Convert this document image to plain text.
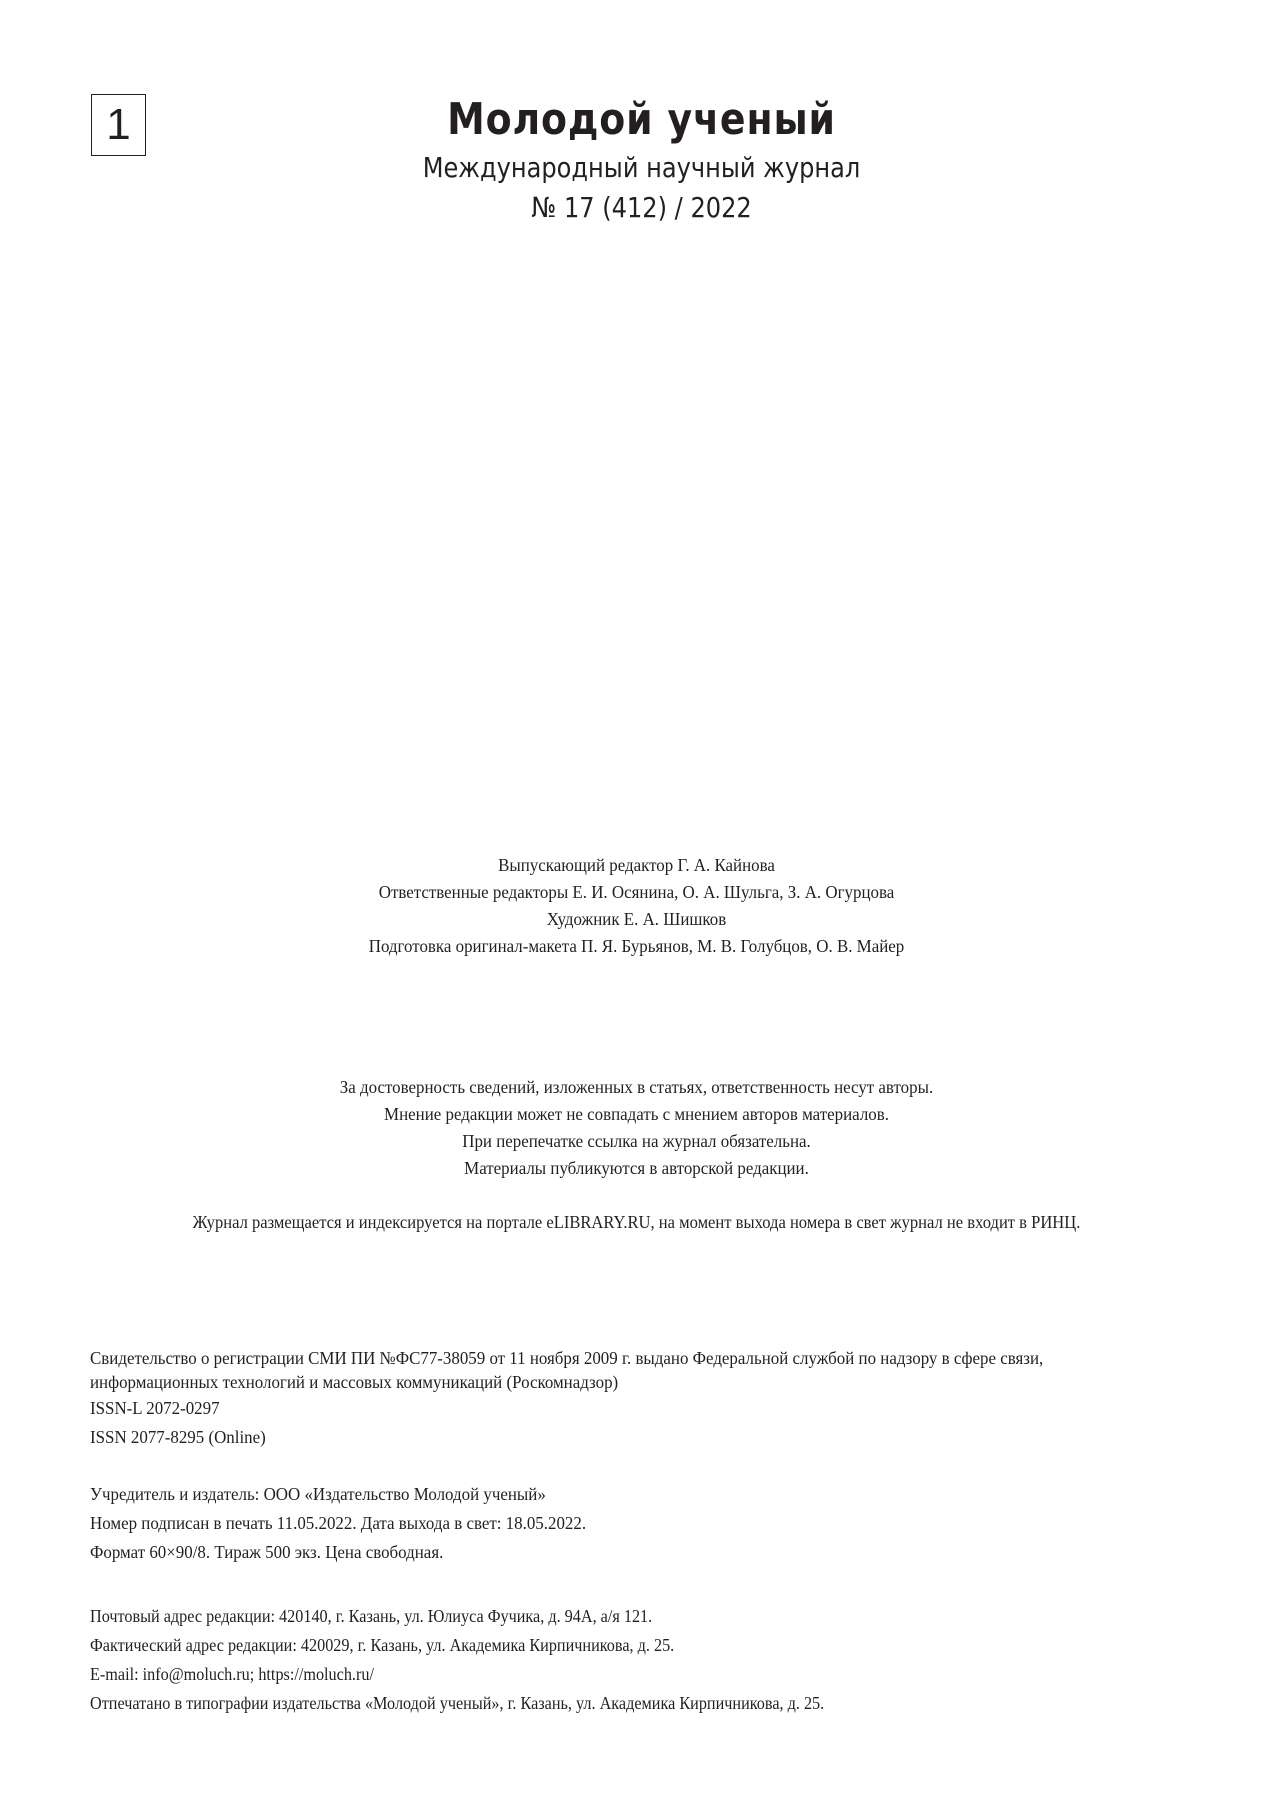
1	Молодой ученый
Международный научный журнал
№ 17 (412) / 2022
Выпускающий редактор Г. А. Кайнова
Ответственные редакторы Е. И. Осянина, О. А. Шульга, З. А. Огурцова
Художник Е. А. Шишков
Подготовка оригинал-макета П. Я. Бурьянов, М. В. Голубцов, О. В. Майер
За достоверность сведений, изложенных в статьях, ответственность несут авторы.
Мнение редакции может не совпадать с мнением авторов материалов.
При перепечатке ссылка на журнал обязательна.
Материалы публикуются в авторской редакции.
Журнал размещается и индексируется на портале eLIBRARY.RU, на момент выхода номера в свет журнал не входит в РИНЦ.
Свидетельство о регистрации СМИ ПИ №ФС77-38059 от 11 ноября 2009 г. выдано Федеральной службой по надзору в сфере связи,
информационных технологий и массовых коммуникаций (Роскомнадзор)
ISSN-L 2072-0297
ISSN 2077-8295 (Online)
Учредитель и издатель: ООО «Издательство Молодой ученый»
Номер подписан в печать 11.05.2022. Дата выхода в свет: 18.05.2022.
Формат 60×90/8. Тираж 500 экз. Цена свободная.
Почтовый адрес редакции: 420140, г. Казань, ул. Юлиуса Фучика, д. 94А, а/я 121.
Фактический адрес редакции: 420029, г. Казань, ул. Академика Кирпичникова, д. 25.
E-mail: info@moluch.ru; https://moluch.ru/
Отпечатано в типографии издательства «Молодой ученый», г. Казань, ул. Академика Кирпичникова, д. 25.
